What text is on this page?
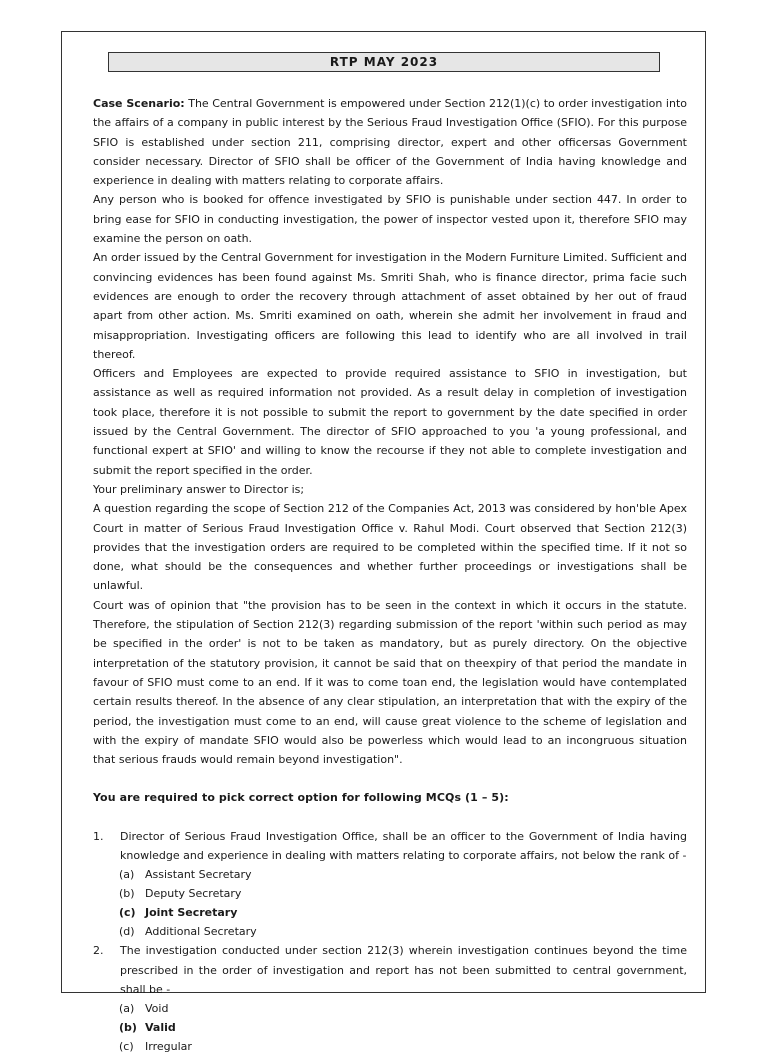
RTP MAY 2023

Case Scenario: The Central Government is empowered under Section 212(1)(c) to order investigation into the affairs of a company in public interest by the Serious Fraud Investigation Office (SFIO). For this purpose SFIO is established under section 211, comprising director, expert and other officersas Government consider necessary. Director of SFIO shall be officer of the Government of India having knowledge and experience in dealing with matters relating to corporate affairs.

Any person who is booked for offence investigated by SFIO is punishable under section 447. In order to bring ease for SFIO in conducting investigation, the power of inspector vested upon it, therefore SFIO may examine the person on oath.

An order issued by the Central Government for investigation in the Modern Furniture Limited. Sufficient and convincing evidences has been found against Ms. Smriti Shah, who is finance director, prima facie such evidences are enough to order the recovery through attachment of asset obtained by her out of fraud apart from other action. Ms. Smriti examined on oath, wherein she admit her involvement in fraud and misappropriation. Investigating officers are following this lead to identify who are all involved in trail thereof.

Officers and Employees are expected to provide required assistance to SFIO in investigation, but assistance as well as required information not provided. As a result delay in completion of investigation took place, therefore it is not possible to submit the report to government by the date specified in order issued by the Central Government. The director of SFIO approached to you 'a young professional, and functional expert at SFIO' and willing to know the recourse if they not able to complete investigation and submit the report specified in the order.

Your preliminary answer to Director is;

A question regarding the scope of Section 212 of the Companies Act, 2013 was considered by hon'ble Apex Court in matter of Serious Fraud Investigation Office v. Rahul Modi. Court observed that Section 212(3) provides that the investigation orders are required to be completed within the specified time. If it not so done, what should be the consequences and whether further proceedings or investigations shall be unlawful.

Court was of opinion that "the provision has to be seen in the context in which it occurs in the statute. Therefore, the stipulation of Section 212(3) regarding submission of the report 'within such period as may be specified in the order' is not to be taken as mandatory, but as purely directory. On the objective interpretation of the statutory provision, it cannot be said that on theexpiry of that period the mandate in favour of SFIO must come to an end. If it was to come toan end, the legislation would have contemplated certain results thereof. In the absence of any clear stipulation, an interpretation that with the expiry of the period, the investigation must come to an end, will cause great violence to the scheme of legislation and with the expiry of mandate SFIO would also be powerless which would lead to an incongruous situation that serious frauds would remain beyond investigation".

You are required to pick correct option for following MCQs (1 – 5):

1. Director of Serious Fraud Investigation Office, shall be an officer to the Government of India having knowledge and experience in dealing with matters relating to corporate affairs, not below the rank of -

(a) Assistant Secretary
(b) Deputy Secretary
(c) Joint Secretary
(d) Additional Secretary
2. The investigation conducted under section 212(3) wherein investigation continues beyond the time prescribed in the order of investigation and report has not been submitted to central government, shall be -

(a) Void
(b) Valid
(c) Irregular
